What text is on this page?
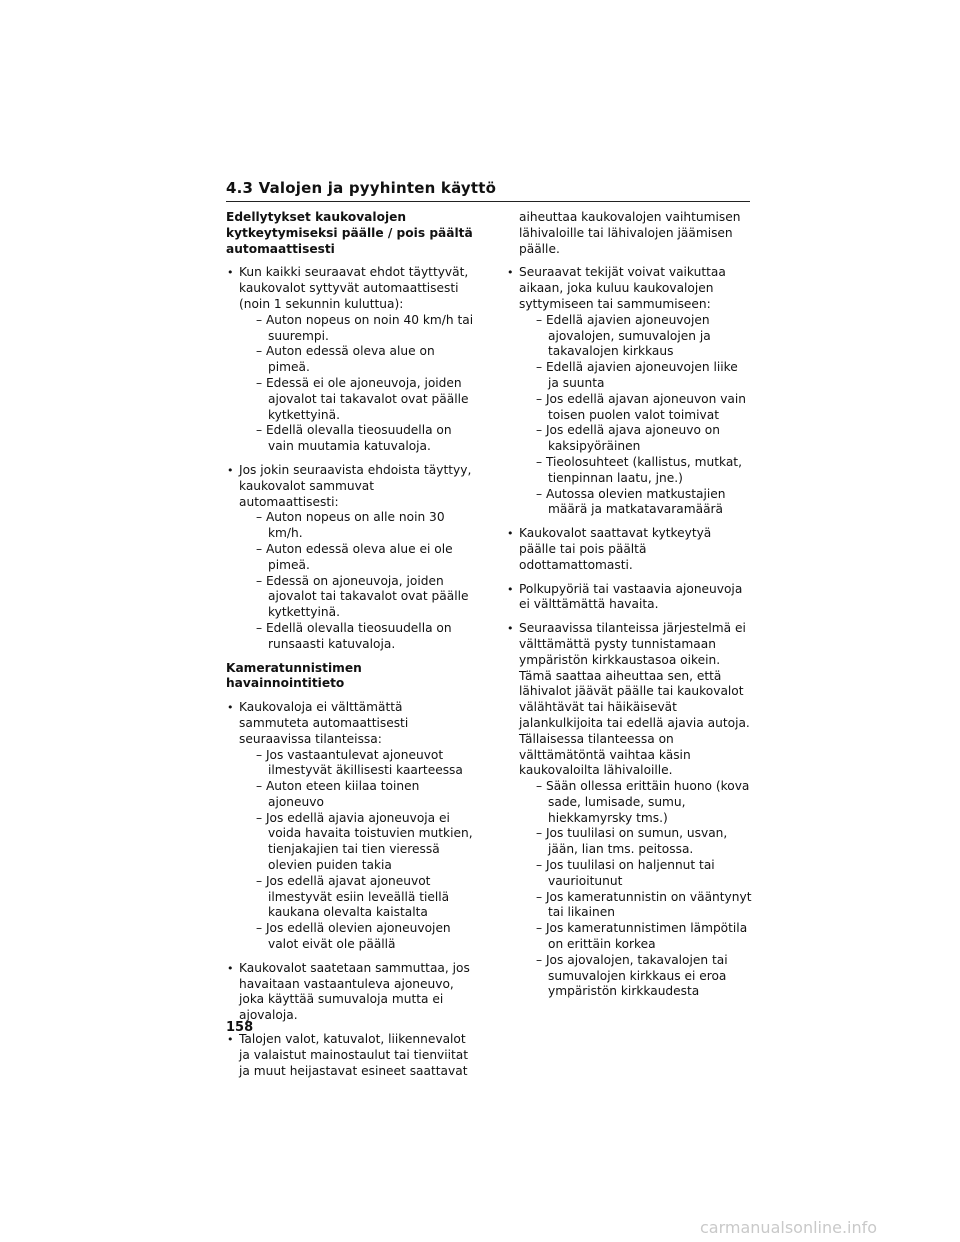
4.3 Valojen ja pyyhinten käyttö
Edellytykset kaukovalojen kytkeytymiseksi päälle / pois päältä automaattisesti
• Kun kaikki seuraavat ehdot täyttyvät, kaukovalot syttyvät automaattisesti (noin 1 sekunnin kuluttua):
– Auton nopeus on noin 40 km/h tai suurempi.
– Auton edessä oleva alue on pimeä.
– Edessä ei ole ajoneuvoja, joiden ajovalot tai takavalot ovat päälle kytkettyinä.
– Edellä olevalla tieosuudella on vain muutamia katuvaloja.
• Jos jokin seuraavista ehdoista täyttyy, kaukovalot sammuvat automaattisesti:
– Auton nopeus on alle noin 30 km/h.
– Auton edessä oleva alue ei ole pimeä.
– Edessä on ajoneuvoja, joiden ajovalot tai takavalot ovat päälle kytkettyinä.
– Edellä olevalla tieosuudella on runsaasti katuvaloja.
Kameratunnistimen havainnointitieto
• Kaukovaloja ei välttämättä sammuteta automaattisesti seuraavissa tilanteissa:
– Jos vastaantulevat ajoneuvot ilmestyvät äkillisesti kaarteessa
– Auton eteen kiilaa toinen ajoneuvo
– Jos edellä ajavia ajoneuvoja ei voida havaita toistuvien mutkien, tienjakajien tai tien vieressä olevien puiden takia
– Jos edellä ajavat ajoneuvot ilmestyvät esiin leveällä tiellä kaukana olevalta kaistalta
– Jos edellä olevien ajoneuvojen valot eivät ole päällä
• Kaukovalot saatetaan sammuttaa, jos havaitaan vastaantuleva ajoneuvo, joka käyttää sumuvaloja mutta ei ajovaloja.
• Talojen valot, katuvalot, liikennevalot ja valaistut mainostaulut tai tienviitat ja muut heijastavat esineet saattavat
aiheuttaa kaukovalojen vaihtumisen lähivaloille tai lähivalojen jäämisen päälle.
• Seuraavat tekijät voivat vaikuttaa aikaan, joka kuluu kaukovalojen syttymiseen tai sammumiseen:
– Edellä ajavien ajoneuvojen ajovalojen, sumuvalojen ja takavalojen kirkkaus
– Edellä ajavien ajoneuvojen liike ja suunta
– Jos edellä ajavan ajoneuvon vain toisen puolen valot toimivat
– Jos edellä ajava ajoneuvo on kaksipyöräinen
– Tieolosuhteet (kallistus, mutkat, tienpinnan laatu, jne.)
– Autossa olevien matkustajien määrä ja matkatavaramäärä
• Kaukovalot saattavat kytkeytyä päälle tai pois päältä odottamattomasti.
• Polkupyöriä tai vastaavia ajoneuvoja ei välttämättä havaita.
• Seuraavissa tilanteissa järjestelmä ei välttämättä pysty tunnistamaan ympäristön kirkkaustasoa oikein. Tämä saattaa aiheuttaa sen, että lähivalot jäävät päälle tai kaukovalot välähtävät tai häikäisevät jalankulkijoita tai edellä ajavia autoja. Tällaisessa tilanteessa on välttämätöntä vaihtaa käsin kaukovaloilta lähivaloille.
– Sään ollessa erittäin huono (kova sade, lumisade, sumu, hiekkamyrsky tms.)
– Jos tuulilasi on sumun, usvan, jään, lian tms. peitossa.
– Jos tuulilasi on haljennut tai vaurioitunut
– Jos kameratunnistin on vääntynyt tai likainen
– Jos kameratunnistimen lämpötila on erittäin korkea
– Jos ajovalojen, takavalojen tai sumuvalojen kirkkaus ei eroa ympäristön kirkkaudesta
158
carmanualsonline.info
